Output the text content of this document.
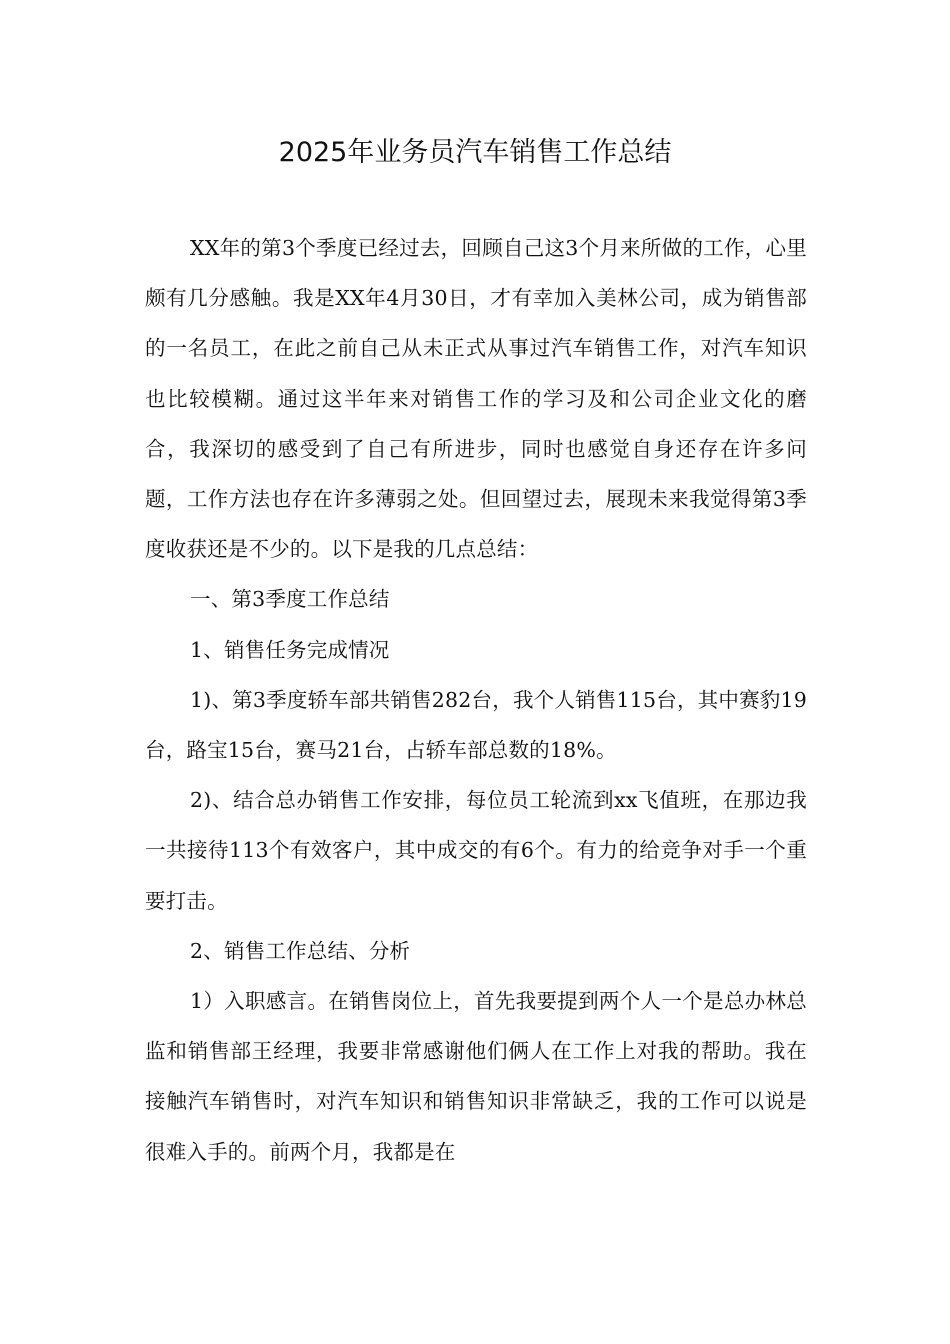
2025年业务员汽车销售工作总结

XX年的第3个季度已经过去，回顾自己这3个月来所做的工作，心里颇有几分感触。我是XX年4月30日，才有幸加入美林公司，成为销售部的一名员工，在此之前自己从未正式从事过汽车销售工作，对汽车知识也比较模糊。通过这半年来对销售工作的学习及和公司企业文化的磨合，我深切的感受到了自己有所进步，同时也感觉自身还存在许多问题，工作方法也存在许多薄弱之处。但回望过去，展现未来我觉得第3季度收获还是不少的。以下是我的几点总结：

一、第3季度工作总结

1、销售任务完成情况

1)、第3季度轿车部共销售282台，我个人销售115台，其中赛豹19台，路宝15台，赛马21台，占轿车部总数的18%。

2)、结合总办销售工作安排，每位员工轮流到xx飞值班，在那边我一共接待113个有效客户，其中成交的有6个。有力的给竞争对手一个重要打击。

2、销售工作总结、分析

1）入职感言。在销售岗位上，首先我要提到两个人一个是总办林总监和销售部王经理，我要非常感谢他们俩人在工作上对我的帮助。我在接触汽车销售时，对汽车知识和销售知识非常缺乏，我的工作可以说是很难入手的。前两个月，我都是在
